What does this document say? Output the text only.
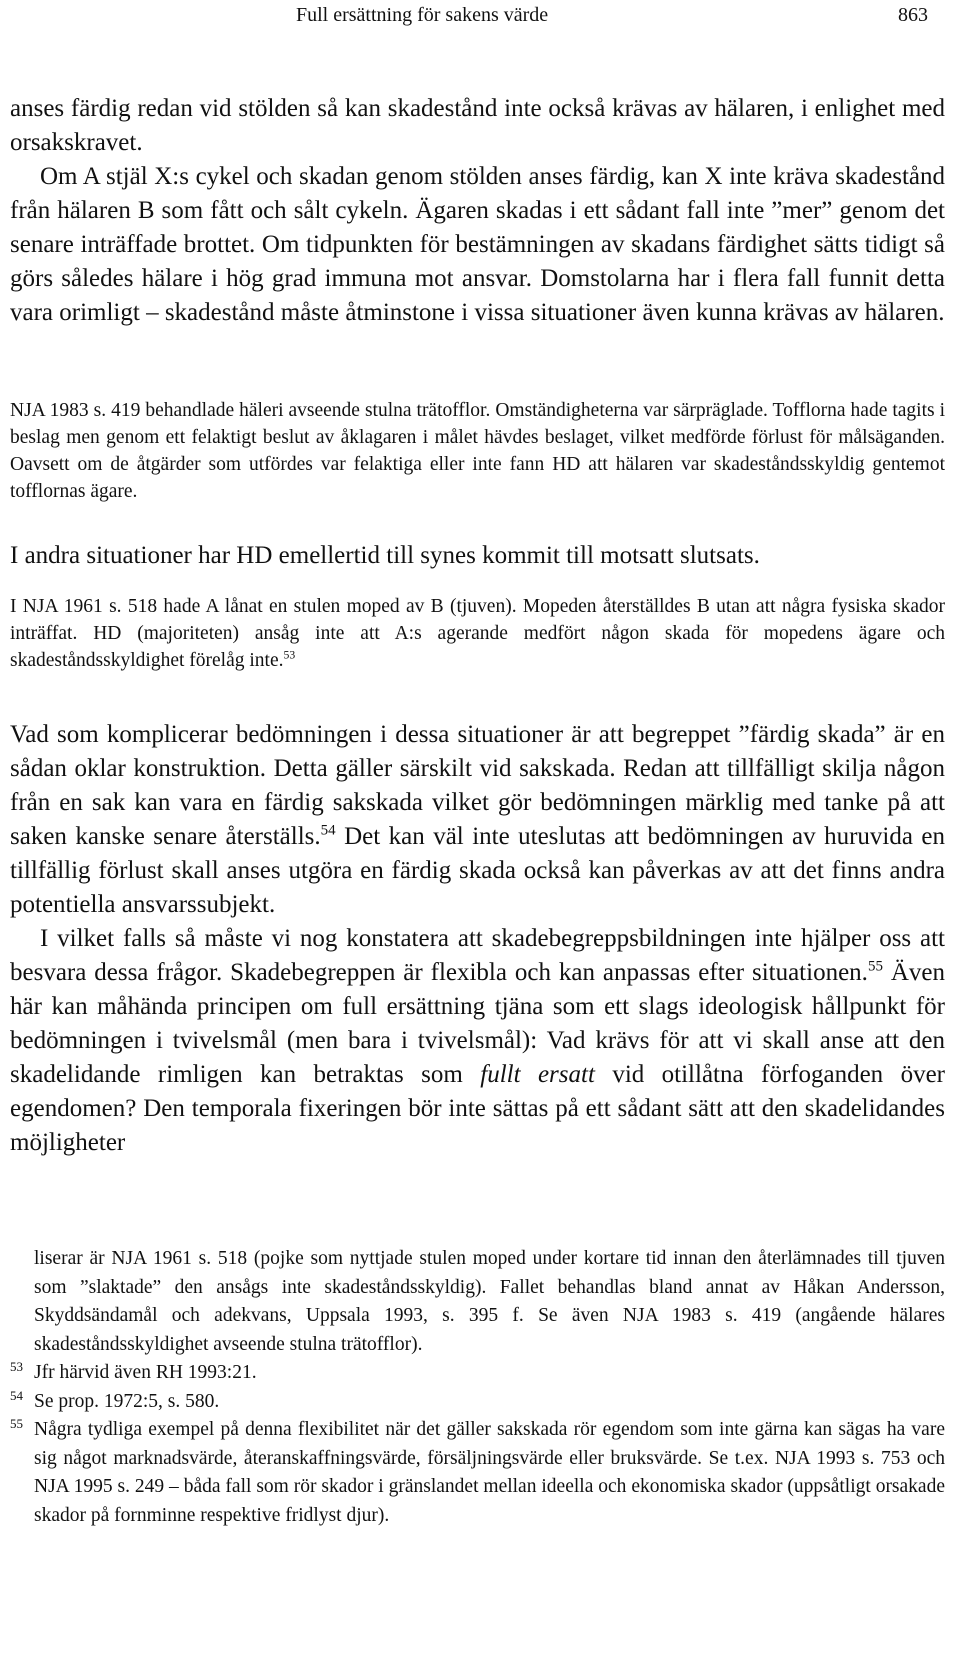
Full ersättning för sakens värde	863

anses färdig redan vid stölden så kan skadestånd inte också krävas av hälaren, i enlighet med orsakskravet.

Om A stjäl X:s cykel och skadan genom stölden anses färdig, kan X inte kräva skadestånd från hälaren B som fått och sålt cykeln. Ägaren skadas i ett sådant fall inte ”mer” genom det senare inträffade brottet. Om tidpunkten för bestämningen av skadans färdighet sätts tidigt så görs således hälare i hög grad immuna mot ansvar. Domstolarna har i flera fall funnit detta vara orimligt – skadestånd måste åtminstone i vissa situationer även kunna krävas av hälaren.

NJA 1983 s. 419 behandlade häleri avseende stulna trätofflor. Omständigheterna var särpräglade. Tofflorna hade tagits i beslag men genom ett felaktigt beslut av åklagaren i målet hävdes beslaget, vilket medförde förlust för målsäganden. Oavsett om de åtgärder som utfördes var felaktiga eller inte fann HD att hälaren var skadeståndsskyldig gentemot tofflornas ägare.

I andra situationer har HD emellertid till synes kommit till motsatt slutsats.

I NJA 1961 s. 518 hade A lånat en stulen moped av B (tjuven). Mopeden återställdes B utan att några fysiska skador inträffat. HD (majoriteten) ansåg inte att A:s agerande medfört någon skada för mopedens ägare och skadeståndsskyldighet förelåg inte.$^{53}$

Vad som komplicerar bedömningen i dessa situationer är att begreppet ”färdig skada” är en sådan oklar konstruktion. Detta gäller särskilt vid sakskada. Redan att tillfälligt skilja någon från en sak kan vara en färdig sakskada vilket gör bedömningen märklig med tanke på att saken kanske senare återställs.$^{54}$ Det kan väl inte uteslutas att bedömningen av huruvida en tillfällig förlust skall anses utgöra en färdig skada också kan påverkas av att det finns andra potentiella ansvarssubjekt.

I vilket falls så måste vi nog konstatera att skadebegreppsbildningen inte hjälper oss att besvara dessa frågor. Skadebegreppen är flexibla och kan anpassas efter situationen.$^{55}$ Även här kan måhända principen om full ersättning tjäna som ett slags ideologisk hållpunkt för bedömningen i tvivelsmål (men bara i tvivelsmål): Vad krävs för att vi skall anse att den skadelidande rimligen kan betraktas som fullt ersatt vid otillåtna förfoganden över egendomen? Den temporala fixeringen bör inte sättas på ett sådant sätt att den skadelidandes möjligheter

liserar är NJA 1961 s. 518 (pojke som nyttjade stulen moped under kortare tid innan den återlämnades till tjuven som ”slaktade” den ansågs inte skadeståndsskyldig). Fallet behandlas bland annat av Håkan Andersson, Skyddsändamål och adekvans, Uppsala 1993, s. 395 f. Se även NJA 1983 s. 419 (angående hälares skadeståndsskyldighet avseende stulna trätofflor).
53 Jfr härvid även RH 1993:21.
54 Se prop. 1972:5, s. 580.
55 Några tydliga exempel på denna flexibilitet när det gäller sakskada rör egendom som inte gärna kan sägas ha vare sig något marknadsvärde, återanskaffningsvärde, försäljningsvärde eller bruksvärde. Se t.ex. NJA 1993 s. 753 och NJA 1995 s. 249 – båda fall som rör skador i gränslandet mellan ideella och ekonomiska skador (uppsåtligt orsakade skador på fornminne respektive fridlyst djur).
